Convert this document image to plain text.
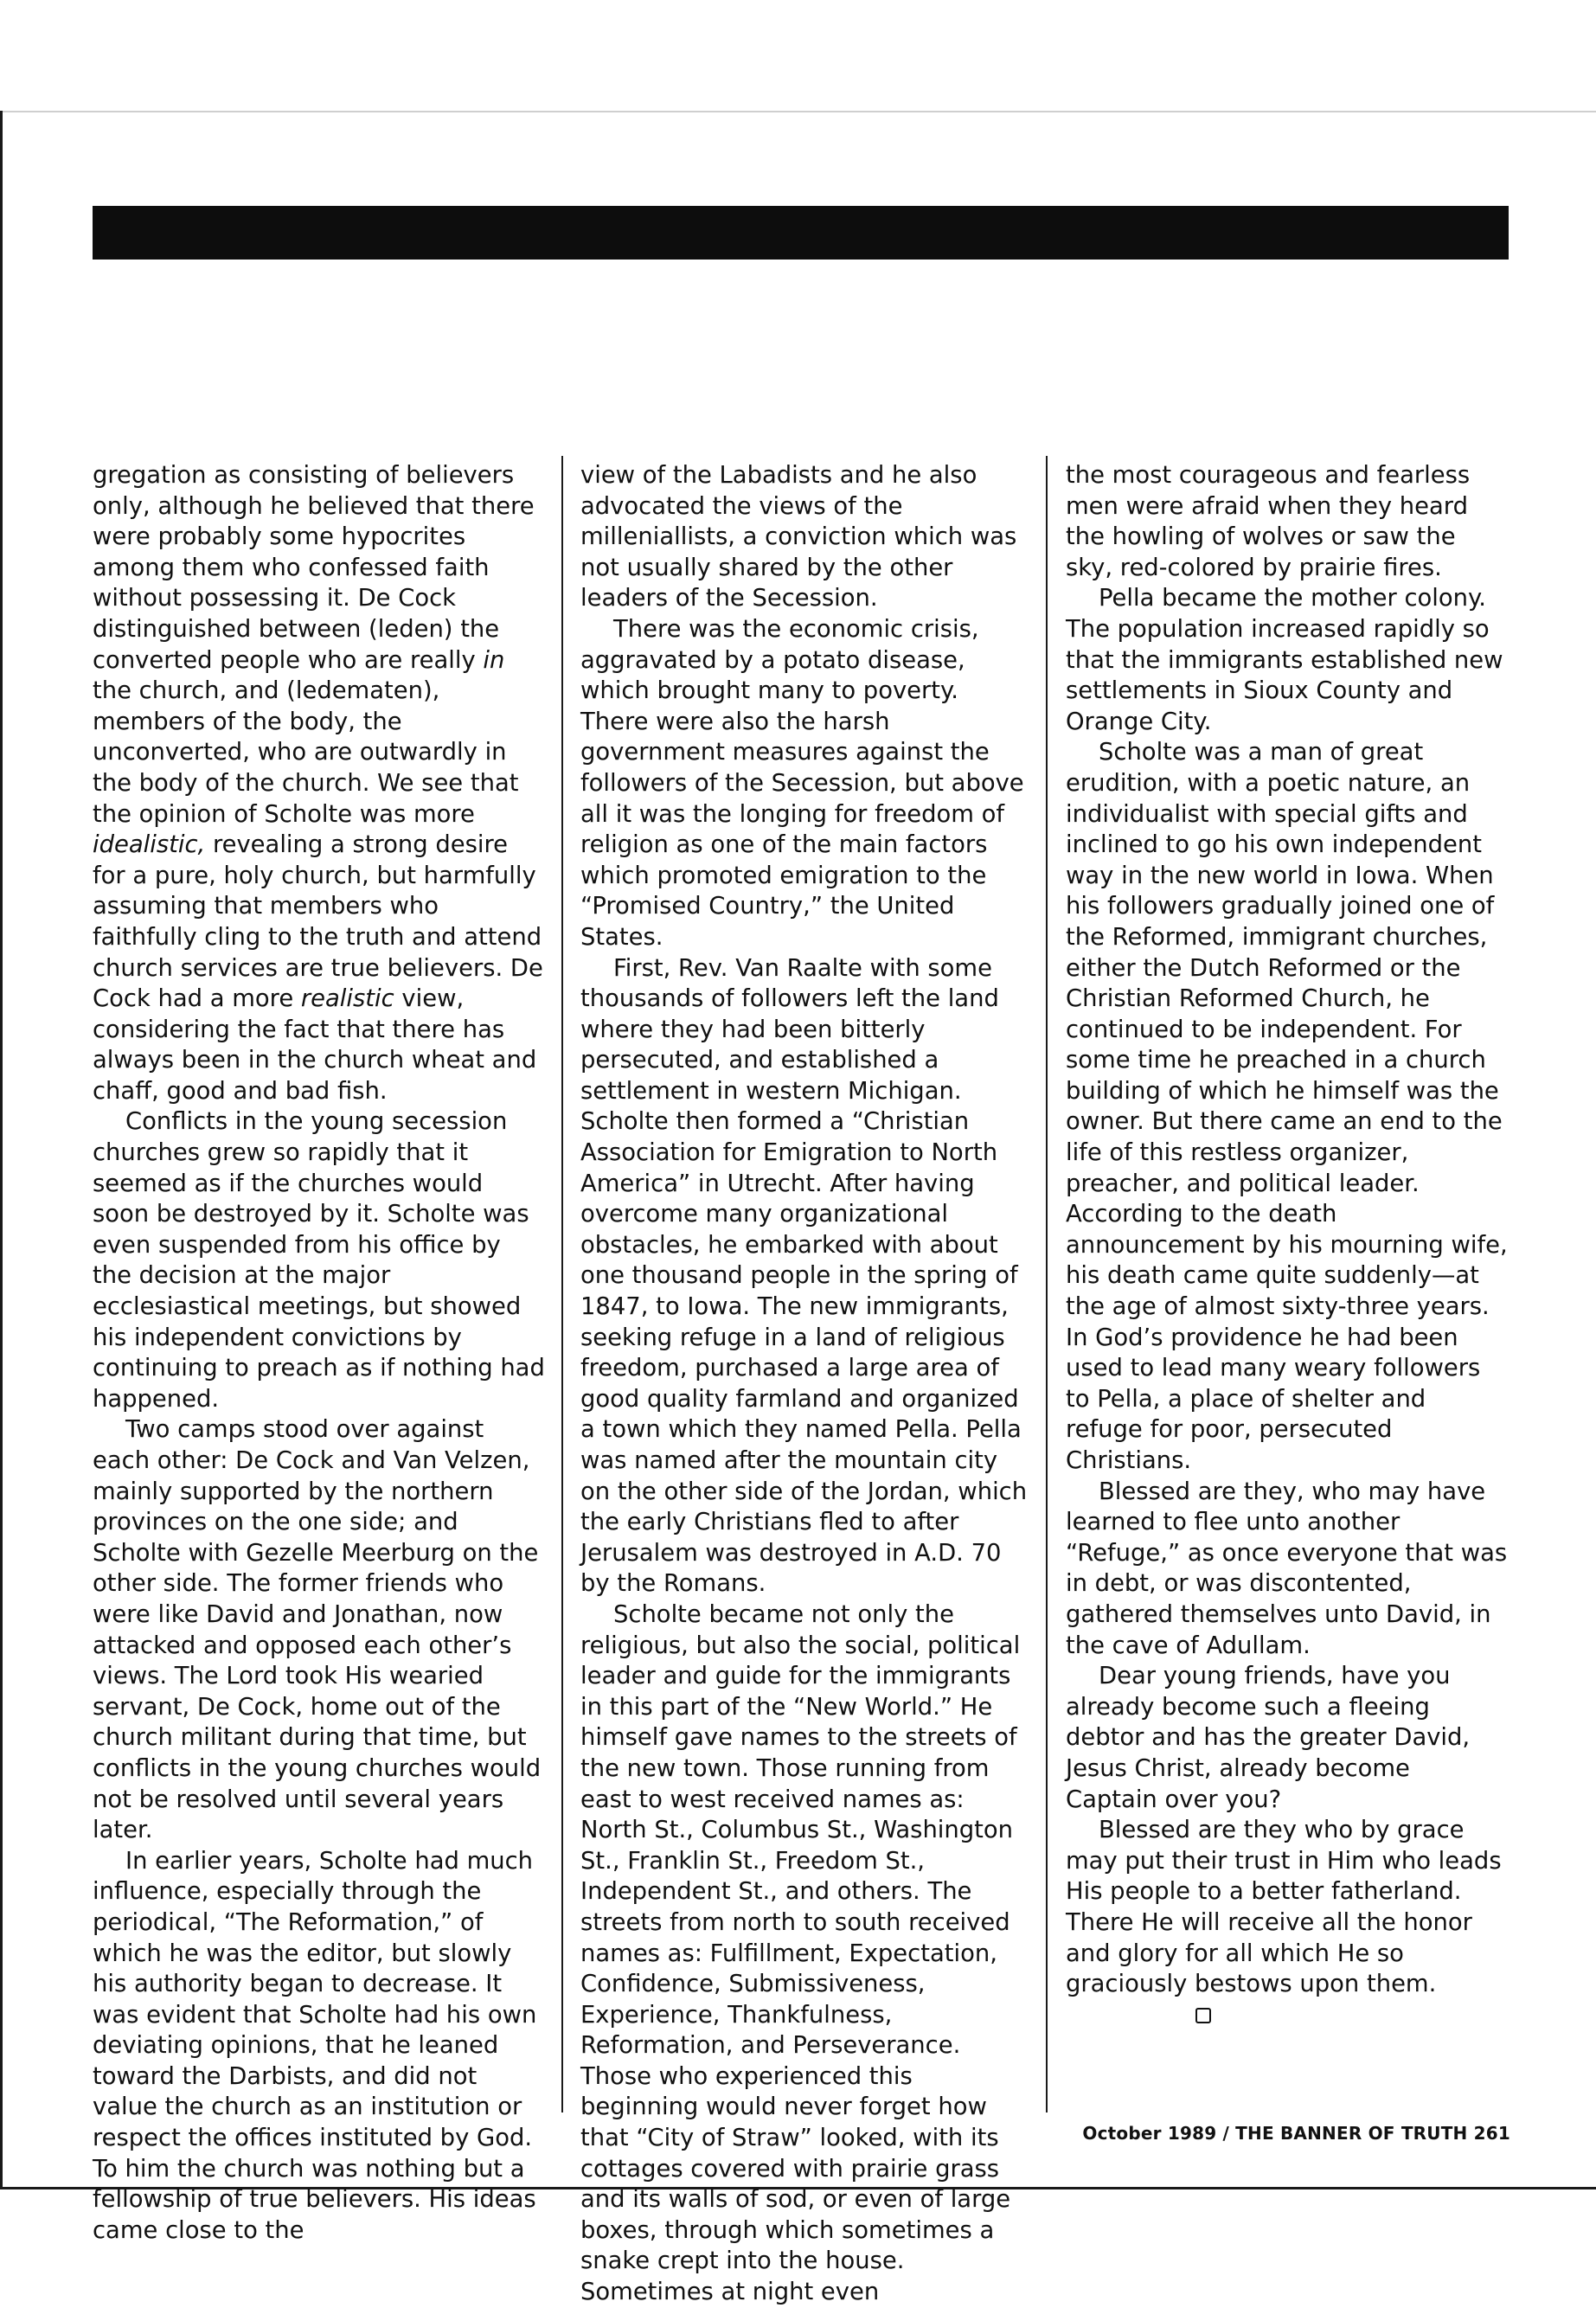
gregation as consisting of believers only, although he believed that there were probably some hypocrites among them who confessed faith without possessing it. De Cock distinguished between (leden) the converted people who are really in the church, and (ledematen), members of the body, the unconverted, who are outwardly in the body of the church. We see that the opinion of Scholte was more idealistic, revealing a strong desire for a pure, holy church, but harmfully assuming that members who faithfully cling to the truth and attend church services are true believers. De Cock had a more realistic view, considering the fact that there has always been in the church wheat and chaff, good and bad fish.

Conflicts in the young secession churches grew so rapidly that it seemed as if the churches would soon be destroyed by it. Scholte was even suspended from his office by the decision at the major ecclesiastical meetings, but showed his independent convictions by continuing to preach as if nothing had happened.

Two camps stood over against each other: De Cock and Van Velzen, mainly supported by the northern provinces on the one side; and Scholte with Gezelle Meerburg on the other side. The former friends who were like David and Jonathan, now attacked and opposed each other’s views. The Lord took His wearied servant, De Cock, home out of the church militant during that time, but conflicts in the young churches would not be resolved until several years later.

In earlier years, Scholte had much influence, especially through the periodical, “The Reformation,” of which he was the editor, but slowly his authority began to decrease. It was evident that Scholte had his own deviating opinions, that he leaned toward the Darbists, and did not value the church as an institution or respect the offices instituted by God. To him the church was nothing but a fellowship of true believers. His ideas came close to the

view of the Labadists and he also advocated the views of the milleniallists, a conviction which was not usually shared by the other leaders of the Secession.

There was the economic crisis, aggravated by a potato disease, which brought many to poverty. There were also the harsh government measures against the followers of the Secession, but above all it was the longing for freedom of religion as one of the main factors which promoted emigration to the “Promised Country,” the United States.

First, Rev. Van Raalte with some thousands of followers left the land where they had been bitterly persecuted, and established a settlement in western Michigan. Scholte then formed a “Christian Association for Emigration to North America” in Utrecht. After having overcome many organizational obstacles, he embarked with about one thousand people in the spring of 1847, to Iowa. The new immigrants, seeking refuge in a land of religious freedom, purchased a large area of good quality farmland and organized a town which they named Pella. Pella was named after the mountain city on the other side of the Jordan, which the early Christians fled to after Jerusalem was destroyed in A.D. 70 by the Romans.

Scholte became not only the religious, but also the social, political leader and guide for the immigrants in this part of the “New World.” He himself gave names to the streets of the new town. Those running from east to west received names as: North St., Columbus St., Washington St., Franklin St., Freedom St., Independent St., and others. The streets from north to south received names as: Fulfillment, Expectation, Confidence, Submissiveness, Experience, Thankfulness, Reformation, and Perseverance. Those who experienced this beginning would never forget how that “City of Straw” looked, with its cottages covered with prairie grass and its walls of sod, or even of large boxes, through which sometimes a snake crept into the house. Sometimes at night even

the most courageous and fearless men were afraid when they heard the howling of wolves or saw the sky, red-colored by prairie fires.

Pella became the mother colony. The population increased rapidly so that the immigrants established new settlements in Sioux County and Orange City.

Scholte was a man of great erudition, with a poetic nature, an individualist with special gifts and inclined to go his own independent way in the new world in Iowa. When his followers gradually joined one of the Reformed, immigrant churches, either the Dutch Reformed or the Christian Reformed Church, he continued to be independent. For some time he preached in a church building of which he himself was the owner. But there came an end to the life of this restless organizer, preacher, and political leader. According to the death announcement by his mourning wife, his death came quite suddenly—at the age of almost sixty-three years. In God’s providence he had been used to lead many weary followers to Pella, a place of shelter and refuge for poor, persecuted Christians.

Blessed are they, who may have learned to flee unto another “Refuge,” as once everyone that was in debt, or was discontented, gathered themselves unto David, in the cave of Adullam.

Dear young friends, have you already become such a fleeing debtor and has the greater David, Jesus Christ, already become Captain over you?

Blessed are they who by grace may put their trust in Him who leads His people to a better fatherland. There He will receive all the honor and glory for all which He so graciously bestows upon them.

October 1989 / THE BANNER OF TRUTH 261
